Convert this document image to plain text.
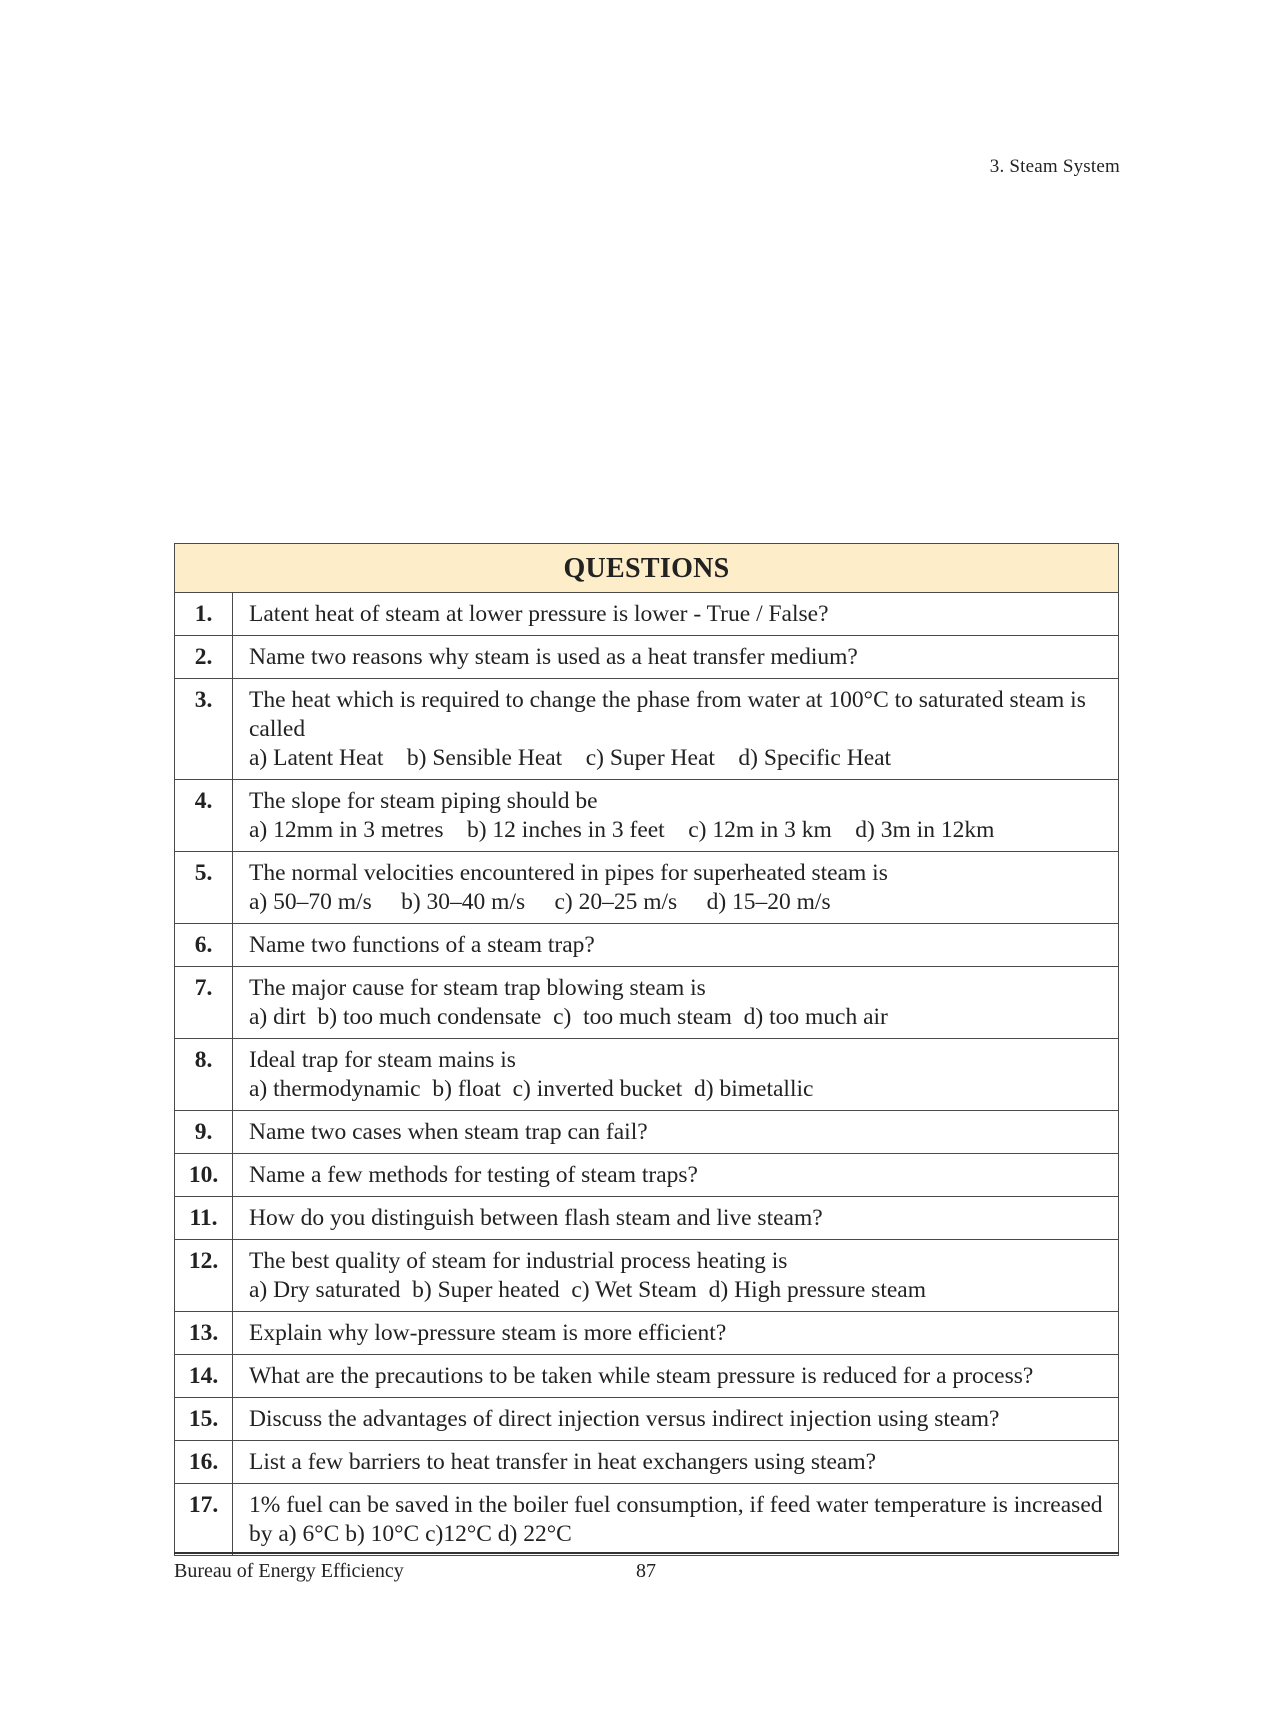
3. Steam System
QUESTIONS	
1.	Latent heat of steam at lower pressure is lower - True / False?

2.	Name two reasons why steam is used as a heat transfer medium?

3.	The heat which is required to change the phase from water at 100°C to saturated steam is called
a) Latent Heat    b) Sensible Heat    c) Super Heat    d) Specific Heat

4.	The slope for steam piping should be
a) 12mm in 3 metres    b) 12 inches in 3 feet    c) 12m in 3 km    d) 3m in 12km

5.	The normal velocities encountered in pipes for superheated steam is
a) 50–70 m/s     b) 30–40 m/s     c) 20–25 m/s     d) 15–20 m/s

6.	Name two functions of a steam trap?

7.	The major cause for steam trap blowing steam is
a) dirt  b) too much condensate  c)  too much steam  d) too much air

8.	Ideal trap for steam mains is
a) thermodynamic  b) float  c) inverted bucket  d) bimetallic

9.	Name two cases when steam trap can fail?

10.	Name a few methods for testing of steam traps?

11.	How do you distinguish between flash steam and live steam?

12.	The best quality of steam for industrial process heating is
a) Dry saturated  b) Super heated  c) Wet Steam  d) High pressure steam

13.	Explain why low-pressure steam is more efficient?

14.	What are the precautions to be taken while steam pressure is reduced for a process?

15.	Discuss the advantages of direct injection versus indirect injection using steam?

16.	List a few barriers to heat transfer in heat exchangers using steam?

17.	1% fuel can be saved in the boiler fuel consumption, if feed water temperature is increased by a) 6°C b) 10°C c)12°C d) 22°C
Bureau of Energy Efficiency	87
